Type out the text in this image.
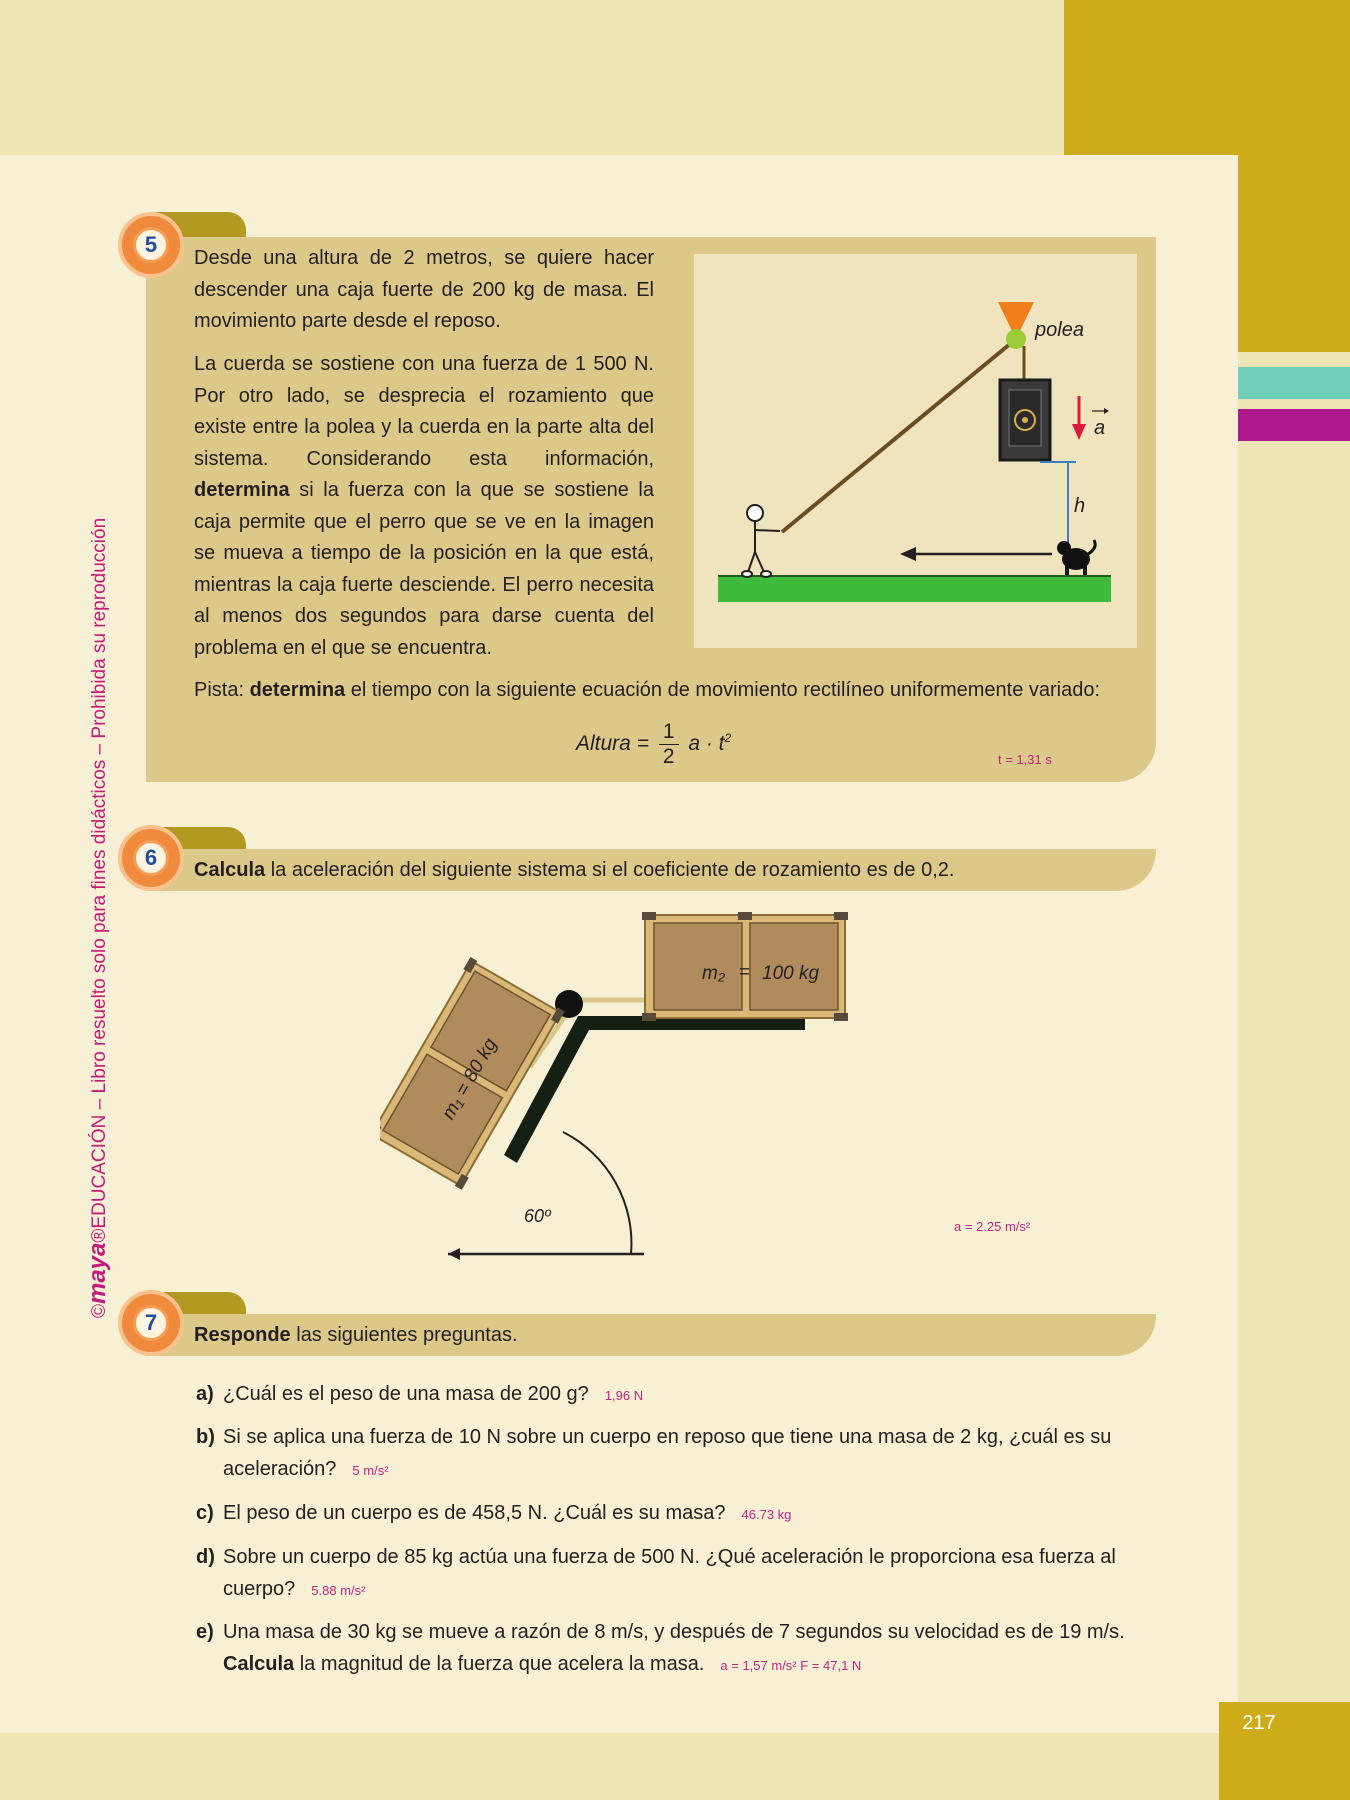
217
©maya®EDUCACIÓN – Libro resuelto solo para fines didácticos – Prohibida su reproducción
5
Desde una altura de 2 metros, se quiere hacer descender una caja fuerte de 200 kg de masa. El movimiento parte desde el reposo.
La cuerda se sostiene con una fuerza de 1 500 N. Por otro lado, se desprecia el rozamiento que existe entre la polea y la cuerda en la parte alta del sistema. Considerando esta información, determina si la fuerza con la que se sostiene la caja permite que el perro que se ve en la imagen se mueva a tiempo de la posición en la que está, mientras la caja fuerte desciende. El perro necesita al menos dos segundos para darse cuenta del problema en el que se encuentra.
polea
a
h
Pista: determina el tiempo con la siguiente ecuación de movimiento rectilíneo uniformemente variado:
Altura = $\frac{1}{2}$ $a \cdot t^2$
t = 1,31 s
6	Calcula la aceleración del siguiente sistema si el coeficiente de rozamiento es de 0,2.
60º
m₂ = 100 kg
m₁ = 80 kg
a = 2.25 m/s²
7	Responde las siguientes preguntas.
a) ¿Cuál es el peso de una masa de 200 g? 1,96 N
b) Si se aplica una fuerza de 10 N sobre un cuerpo en reposo que tiene una masa de 2 kg, ¿cuál es su aceleración? 5 m/s²
c) El peso de un cuerpo es de 458,5 N. ¿Cuál es su masa? 46.73 kg
d) Sobre un cuerpo de 85 kg actúa una fuerza de 500 N. ¿Qué aceleración le proporciona esa fuerza al cuerpo? 5.88 m/s²
e) Una masa de 30 kg se mueve a razón de 8 m/s, y después de 7 segundos su velocidad es de 19 m/s. Calcula la magnitud de la fuerza que acelera la masa. a = 1,57 m/s² F = 47,1 N
